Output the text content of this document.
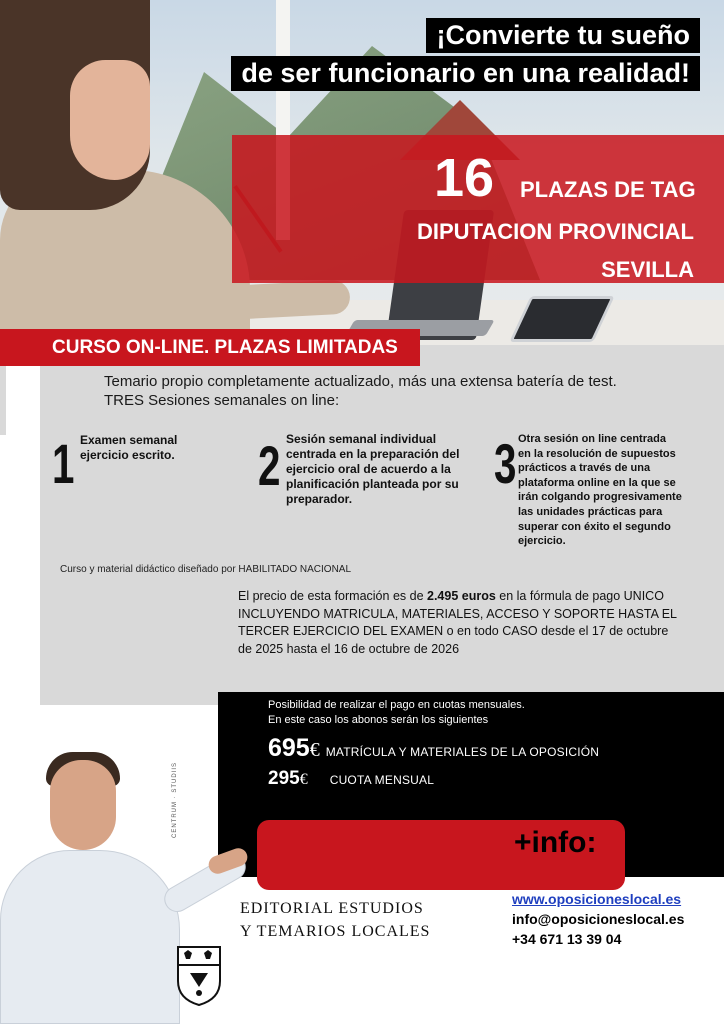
¡Convierte tu sueño
de ser funcionario en una realidad!
16 PLAZAS DE TAG
DIPUTACION PROVINCIAL
SEVILLA
CURSO ON-LINE. PLAZAS LIMITADAS
Temario propio completamente actualizado, más una extensa batería de test.
TRES Sesiones semanales on line:
1 Examen semanal
ejercicio escrito.	2 Sesión semanal individual
centrada en la preparación del
ejercicio oral de acuerdo a la
planificación planteada por su
preparador.
3 Otra sesión on line centrada
en la resolución de supuestos
prácticos a través de una
plataforma online en la que se
irán colgando progresivamente
las unidades prácticas para
superar con éxito el segundo
ejercicio.
Curso y material didáctico diseñado por HABILITADO NACIONAL
El precio de esta formación es de 2.495 euros en la fórmula de pago UNICO INCLUYENDO MATRICULA, MATERIALES, ACCESO Y SOPORTE HASTA EL TERCER EJERCICIO DEL EXAMEN o en todo CASO desde el 17 de octubre de 2025 hasta el 16 de octubre de 2026
Posibilidad de realizar el pago en cuotas mensuales.
En este caso los abonos serán los siguientes
695€ MATRÍCULA Y MATERIALES DE LA OPOSICIÓN
295€ CUOTA MENSUAL
+info:
CENTRUM · STUDIIS
EDITORIAL ESTUDIOS
Y TEMARIOS LOCALES
www.oposicioneslocal.es
info@oposicioneslocal.es
+34 671 13 39 04
